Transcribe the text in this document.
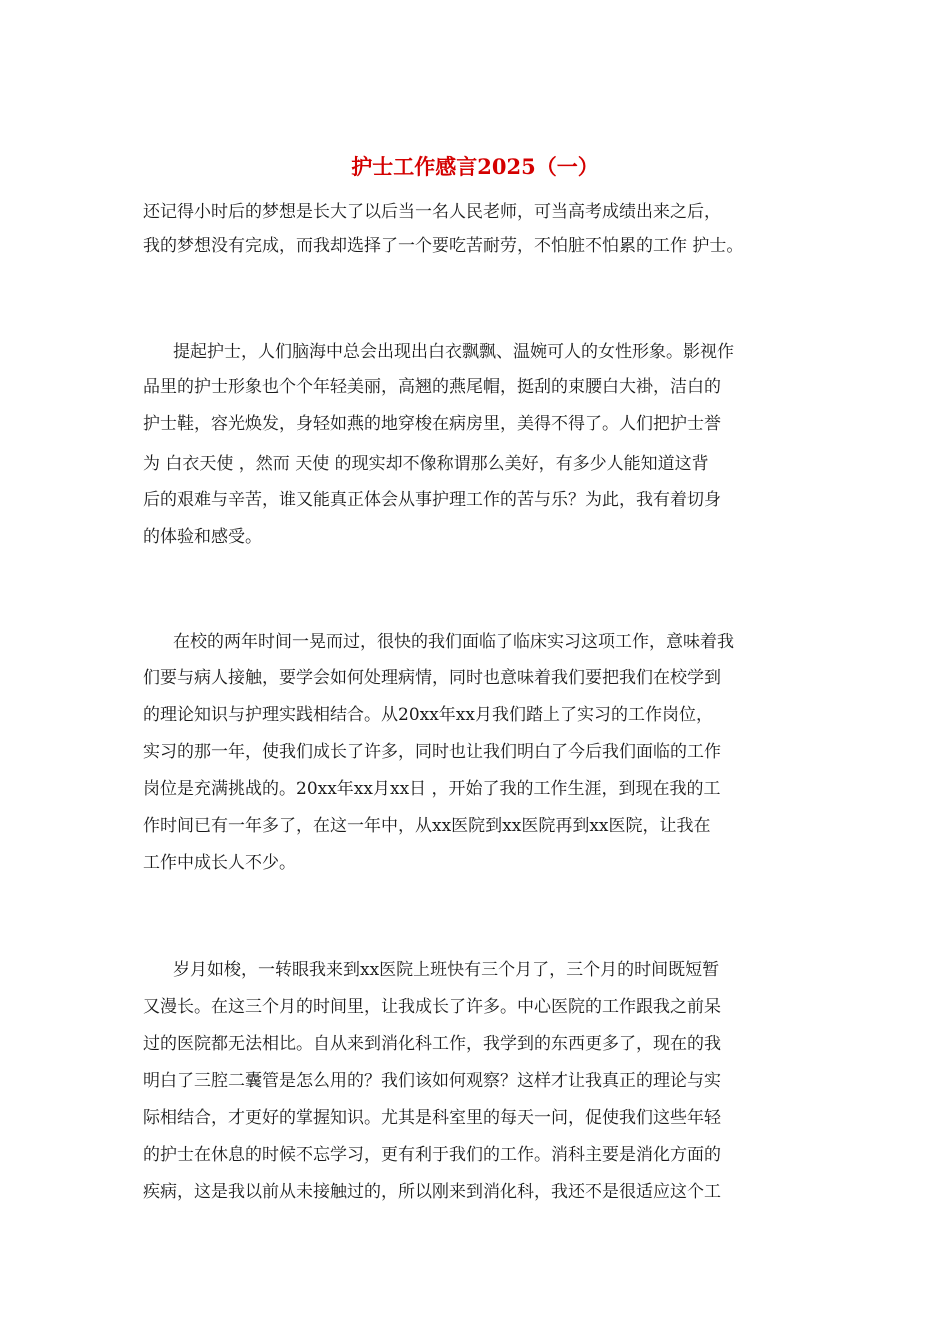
护士工作感言2025（一）
还记得小时后的梦想是长大了以后当一名人民老师，可当高考成绩出来之后，
我的梦想没有完成，而我却选择了一个要吃苦耐劳，不怕脏不怕累的工作 护士。
提起护士，人们脑海中总会出现出白衣飘飘、温婉可人的女性形象。影视作
品里的护士形象也个个年轻美丽，高翘的燕尾帽，挺刮的束腰白大褂，洁白的
护士鞋，容光焕发，身轻如燕的地穿梭在病房里，美得不得了。人们把护士誉
为 白衣天使 ，然而 天使 的现实却不像称谓那么美好，有多少人能知道这背
后的艰难与辛苦，谁又能真正体会从事护理工作的苦与乐？为此，我有着切身
的体验和感受。
在校的两年时间一晃而过，很快的我们面临了临床实习这项工作，意味着我
们要与病人接触，要学会如何处理病情，同时也意味着我们要把我们在校学到
的理论知识与护理实践相结合。从20xx年xx月我们踏上了实习的工作岗位，
实习的那一年，使我们成长了许多，同时也让我们明白了今后我们面临的工作
岗位是充满挑战的。20xx年xx月xx日 ，开始了我的工作生涯，到现在我的工
作时间已有一年多了，在这一年中，从xx医院到xx医院再到xx医院，让我在
工作中成长人不少。
岁月如梭，一转眼我来到xx医院上班快有三个月了，三个月的时间既短暂
又漫长。在这三个月的时间里，让我成长了许多。中心医院的工作跟我之前呆
过的医院都无法相比。自从来到消化科工作，我学到的东西更多了，现在的我
明白了三腔二囊管是怎么用的？我们该如何观察？这样才让我真正的理论与实
际相结合，才更好的掌握知识。尤其是科室里的每天一问，促使我们这些年轻
的护士在休息的时候不忘学习，更有利于我们的工作。消科主要是消化方面的
疾病，这是我以前从未接触过的，所以刚来到消化科，我还不是很适应这个工
